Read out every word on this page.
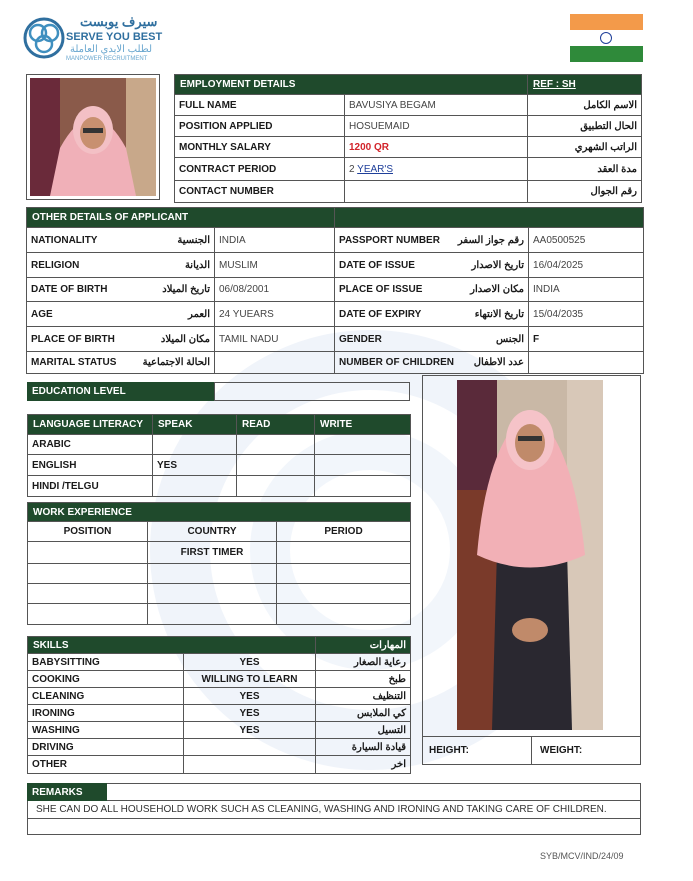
سيرف يوبست
SERVE YOU BEST
لطلب الايدي العاملة
MANPOWER RECRUITMENT
EMPLOYMENT DETAILS		REF : SH
FULL NAME	BAVUSIYA BEGAM	الاسم الكامل
POSITION APPLIED	HOSUEMAID	الحال التطبيق
MONTHLY SALARY	1200 QR	الراتب الشهري
CONTRACT PERIOD	2 YEAR'S	مدة العقد
CONTACT NUMBER		رقم الجوال
OTHER DETAILS OF APPLICANT			

NATIONALITY الجنسية	INDIA	PASSPORT NUMBER رقم جواز السفر	AA0500525

RELIGION الديانة	MUSLIM	DATE OF ISSUE تاريخ الاصدار	16/04/2025

DATE OF BIRTH تاريخ الميلاد	06/08/2001	PLACE OF ISSUE مكان الاصدار	INDIA

AGE العمر	24 YUEARS	DATE OF EXPIRY تاريخ الانتهاء	15/04/2035

PLACE OF BIRTH مكان الميلاد	TAMIL NADU	GENDER الجنس	F

MARITAL STATUS الحالة الاجتماعية		NUMBER OF CHILDREN عدد الاطفال	

EDUCATION LEVEL
LANGUAGE LITERACY	SPEAK	READ	WRITE
ARABIC			
ENGLISH	YES		
HINDI /TELGU			
WORK EXPERIENCE		
POSITION	COUNTRY	PERIOD
	FIRST TIMER	

SKILLS		المهارات
BABYSITTING	YES	رعاية الصغار
COOKING	WILLING TO LEARN	طبخ
CLEANING	YES	التنظيف
IRONING	YES	كي الملابس
WASHING	YES	التسيل
DRIVING		قيادة السيارة
OTHER		اخر
HEIGHT:	WEIGHT:
REMARKS
SHE CAN DO ALL HOUSEHOLD WORK SUCH AS CLEANING, WASHING AND IRONING AND TAKING CARE OF CHILDREN.
SYB/MCV/IND/24/09
